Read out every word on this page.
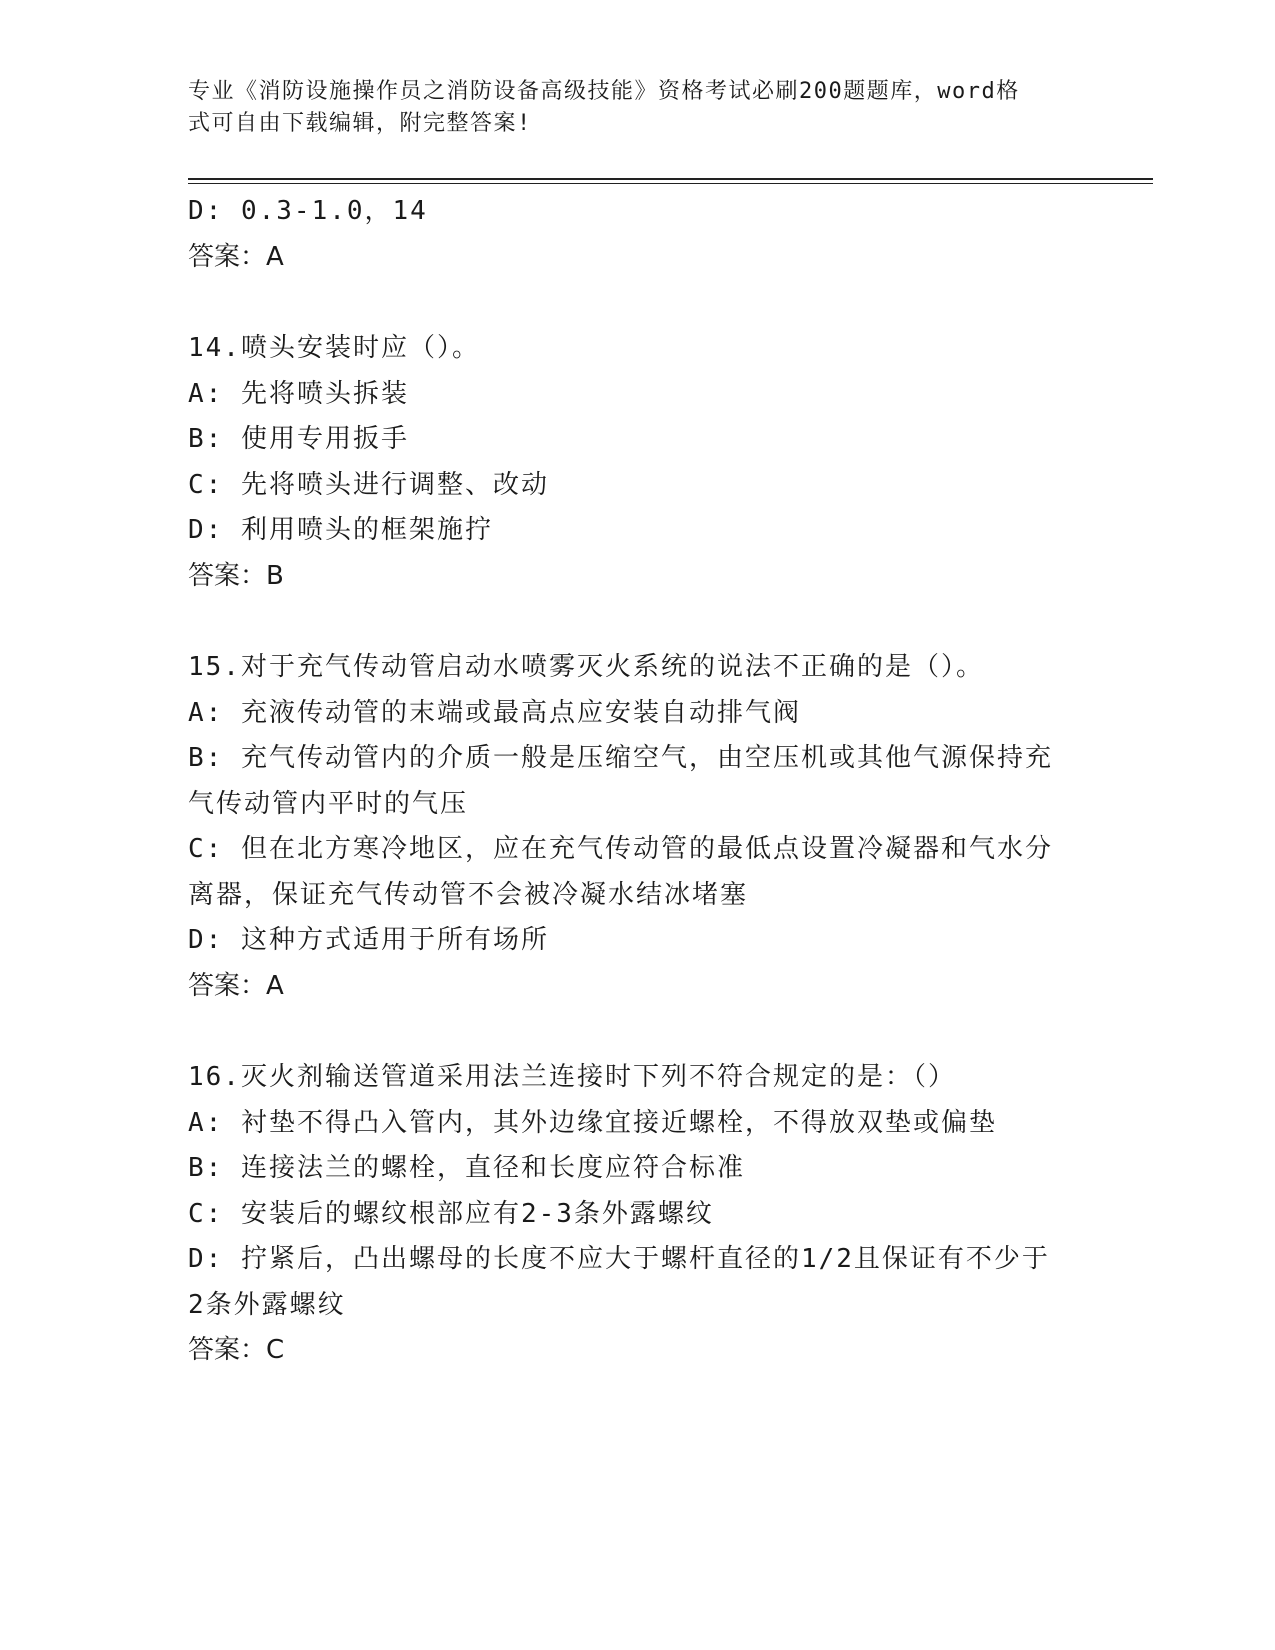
专业《消防设施操作员之消防设备高级技能》资格考试必刷200题题库，word格
式可自由下载编辑，附完整答案!

D: 0.3-1.0，14

答案：A

14.喷头安装时应（）。

A: 先将喷头拆装

B: 使用专用扳手

C: 先将喷头进行调整、改动

D: 利用喷头的框架施拧

答案：B

15.对于充气传动管启动水喷雾灭火系统的说法不正确的是（）。

A: 充液传动管的末端或最高点应安装自动排气阀

B: 充气传动管内的介质一般是压缩空气，由空压机或其他气源保持充

气传动管内平时的气压

C: 但在北方寒冷地区，应在充气传动管的最低点设置冷凝器和气水分

离器，保证充气传动管不会被冷凝水结冰堵塞

D: 这种方式适用于所有场所

答案：A

16.灭火剂输送管道采用法兰连接时下列不符合规定的是：（）

A: 衬垫不得凸入管内，其外边缘宜接近螺栓，不得放双垫或偏垫

B: 连接法兰的螺栓，直径和长度应符合标准

C: 安装后的螺纹根部应有2-3条外露螺纹

D: 拧紧后，凸出螺母的长度不应大于螺杆直径的1/2且保证有不少于

2条外露螺纹

答案：C
